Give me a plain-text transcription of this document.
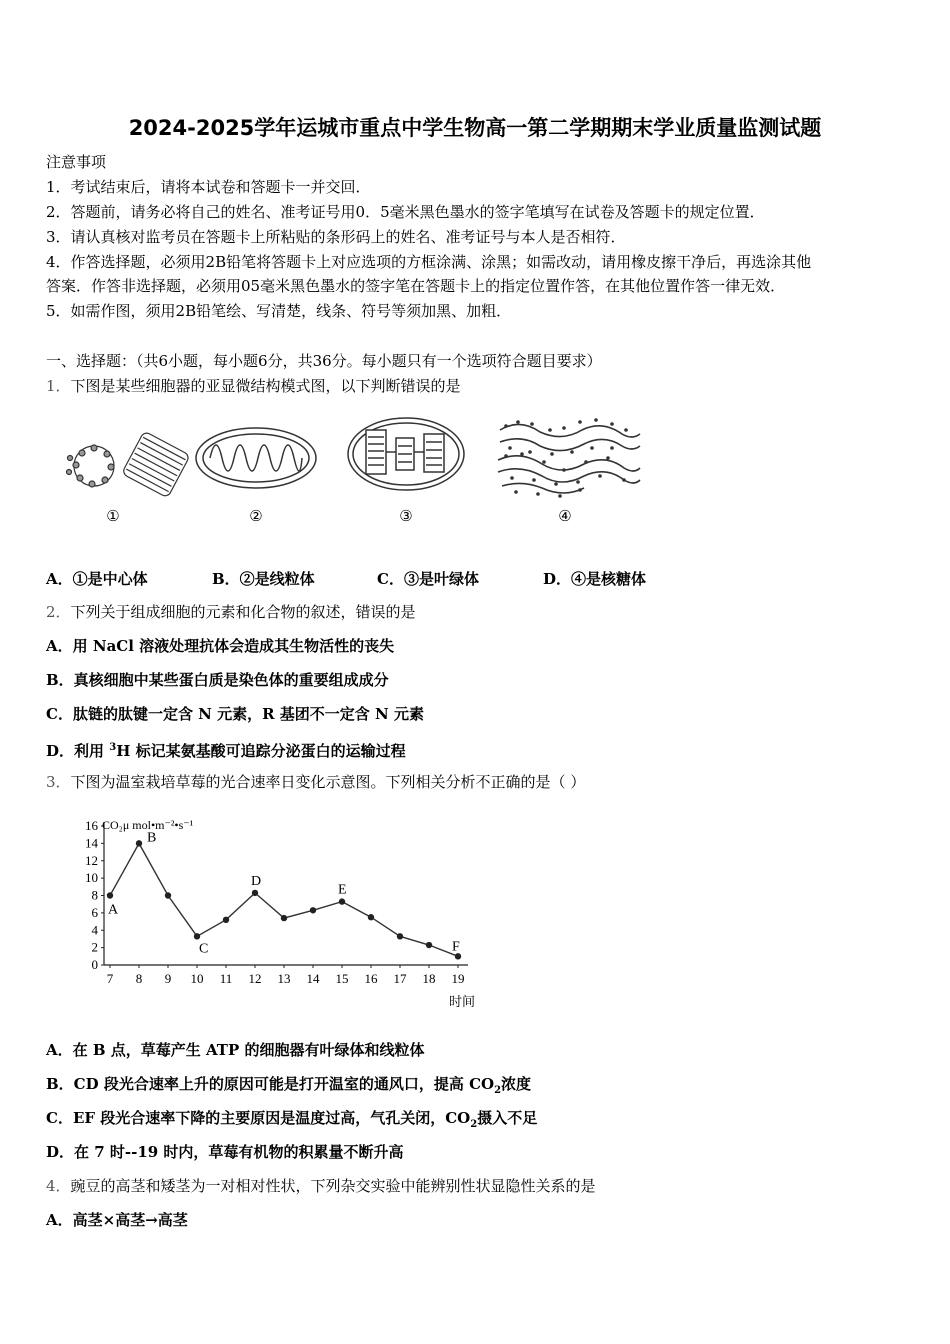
2024-2025学年运城市重点中学生物高一第二学期期末学业质量监测试题
注意事项
1．考试结束后，请将本试卷和答题卡一并交回．
2．答题前，请务必将自己的姓名、准考证号用0．5毫米黑色墨水的签字笔填写在试卷及答题卡的规定位置．
3．请认真核对监考员在答题卡上所粘贴的条形码上的姓名、准考证号与本人是否相符．
4．作答选择题，必须用2B铅笔将答题卡上对应选项的方框涂满、涂黑；如需改动，请用橡皮擦干净后，再选涂其他
答案．作答非选择题，必须用05毫米黑色墨水的签字笔在答题卡上的指定位置作答，在其他位置作答一律无效．
5．如需作图，须用2B铅笔绘、写清楚，线条、符号等须加黑、加粗．
一、选择题：（共6小题，每小题6分，共36分。每小题只有一个选项符合题目要求）
1．下图是某些细胞器的亚显微结构模式图，以下判断错误的是
①	②	③	④
A．①是中心体	B．②是线粒体	C．③是叶绿体	D．④是核糖体
2．下列关于组成细胞的元素和化合物的叙述，错误的是
A．用 NaCl 溶液处理抗体会造成其生物活性的丧失
B．真核细胞中某些蛋白质是染色体的重要组成成分
C．肽链的肽键一定含 N 元素，R 基团不一定含 N 元素
D．利用 $^3$H 标记某氨基酸可追踪分泌蛋白的运输过程
3．下图为温室栽培草莓的光合速率日变化示意图。下列相关分析不正确的是（ ）
0
2
4
6
8
10
12
14
16
7 8 9 10 11 12 13 14 15 16 17 18 19
A
B
C
D
E
F
CO₂μ mol•m⁻²•s⁻¹
时间
A．在 B 点，草莓产生 ATP 的细胞器有叶绿体和线粒体
B．CD 段光合速率上升的原因可能是打开温室的通风口，提高 $CO_2$浓度
C．EF 段光合速率下降的主要原因是温度过高，气孔关闭，$CO_2$摄入不足
D．在 7 时--19 时内，草莓有机物的积累量不断升高
4．豌豆的高茎和矮茎为一对相对性状，下列杂交实验中能辨别性状显隐性关系的是
A．高茎×高茎→高茎
